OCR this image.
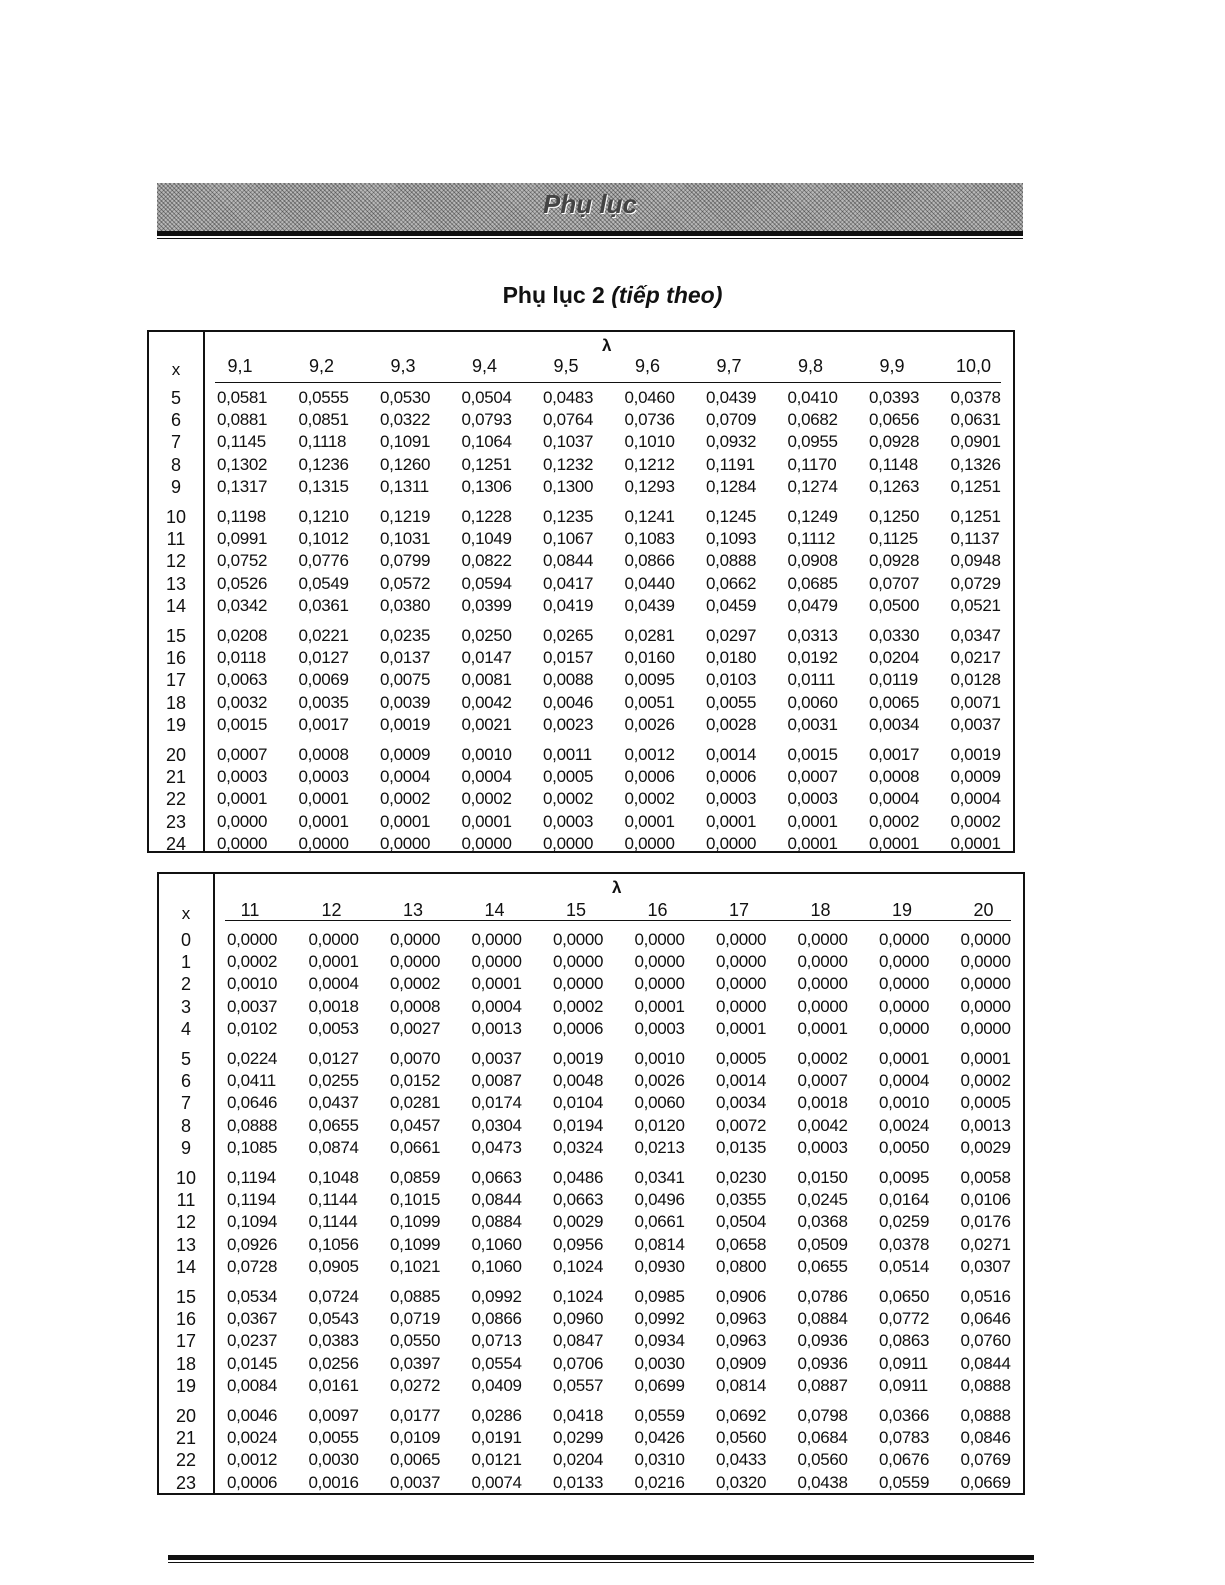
Phụ lục
Phụ lục 2 (tiếp theo)
λ
x	9,1	9,2	9,3	9,4	9,5	9,6	9,7	9,8	9,9	10,0
5	0,0581 0,0555 0,0530 0,0504 0,0483 0,0460 0,0439 0,0410 0,0393 0,0378
6	0,0881 0,0851 0,0322 0,0793 0,0764 0,0736 0,0709 0,0682 0,0656 0,0631
7	0,1145 0,1118 0,1091 0,1064 0,1037 0,1010 0,0932 0,0955 0,0928 0,0901
8	0,1302 0,1236 0,1260 0,1251 0,1232 0,1212 0,1191 0,1170 0,1148 0,1326
9	0,1317 0,1315 0,1311 0,1306 0,1300 0,1293 0,1284 0,1274 0,1263 0,1251
10	0,1198 0,1210 0,1219 0,1228 0,1235 0,1241 0,1245 0,1249 0,1250 0,1251
11	0,0991 0,1012 0,1031 0,1049 0,1067 0,1083 0,1093 0,1112 0,1125 0,1137
12	0,0752 0,0776 0,0799 0,0822 0,0844 0,0866 0,0888 0,0908 0,0928 0,0948
13	0,0526 0,0549 0,0572 0,0594 0,0417 0,0440 0,0662 0,0685 0,0707 0,0729
14	0,0342 0,0361 0,0380 0,0399 0,0419 0,0439 0,0459 0,0479 0,0500 0,0521
15	0,0208 0,0221 0,0235 0,0250 0,0265 0,0281 0,0297 0,0313 0,0330 0,0347
16	0,0118 0,0127 0,0137 0,0147 0,0157 0,0160 0,0180 0,0192 0,0204 0,0217
17	0,0063 0,0069 0,0075 0,0081 0,0088 0,0095 0,0103 0,0111 0,0119 0,0128
18	0,0032 0,0035 0,0039 0,0042 0,0046 0,0051 0,0055 0,0060 0,0065 0,0071
19	0,0015 0,0017 0,0019 0,0021 0,0023 0,0026 0,0028 0,0031 0,0034 0,0037
20	0,0007 0,0008 0,0009 0,0010 0,0011 0,0012 0,0014 0,0015 0,0017 0,0019
21	0,0003 0,0003 0,0004 0,0004 0,0005 0,0006 0,0006 0,0007 0,0008 0,0009
22	0,0001 0,0001 0,0002 0,0002 0,0002 0,0002 0,0003 0,0003 0,0004 0,0004
23	0,0000 0,0001 0,0001 0,0001 0,0003 0,0001 0,0001 0,0001 0,0002 0,0002
24	0,0000 0,0000 0,0000 0,0000 0,0000 0,0000 0,0000 0,0001 0,0001 0,0001
λ
x	11	12	13	14	15	16	17	18	19	20
0	0,0000 0,0000 0,0000 0,0000 0,0000 0,0000 0,0000 0,0000 0,0000 0,0000
1	0,0002 0,0001 0,0000 0,0000 0,0000 0,0000 0,0000 0,0000 0,0000 0,0000
2	0,0010 0,0004 0,0002 0,0001 0,0000 0,0000 0,0000 0,0000 0,0000 0,0000
3	0,0037 0,0018 0,0008 0,0004 0,0002 0,0001 0,0000 0,0000 0,0000 0,0000
4	0,0102 0,0053 0,0027 0,0013 0,0006 0,0003 0,0001 0,0001 0,0000 0,0000
5	0,0224 0,0127 0,0070 0,0037 0,0019 0,0010 0,0005 0,0002 0,0001 0,0001
6	0,0411 0,0255 0,0152 0,0087 0,0048 0,0026 0,0014 0,0007 0,0004 0,0002
7	0,0646 0,0437 0,0281 0,0174 0,0104 0,0060 0,0034 0,0018 0,0010 0,0005
8	0,0888 0,0655 0,0457 0,0304 0,0194 0,0120 0,0072 0,0042 0,0024 0,0013
9	0,1085 0,0874 0,0661 0,0473 0,0324 0,0213 0,0135 0,0003 0,0050 0,0029
10	0,1194 0,1048 0,0859 0,0663 0,0486 0,0341 0,0230 0,0150 0,0095 0,0058
11	0,1194 0,1144 0,1015 0,0844 0,0663 0,0496 0,0355 0,0245 0,0164 0,0106
12	0,1094 0,1144 0,1099 0,0884 0,0029 0,0661 0,0504 0,0368 0,0259 0,0176
13	0,0926 0,1056 0,1099 0,1060 0,0956 0,0814 0,0658 0,0509 0,0378 0,0271
14	0,0728 0,0905 0,1021 0,1060 0,1024 0,0930 0,0800 0,0655 0,0514 0,0307
15	0,0534 0,0724 0,0885 0,0992 0,1024 0,0985 0,0906 0,0786 0,0650 0,0516
16	0,0367 0,0543 0,0719 0,0866 0,0960 0,0992 0,0963 0,0884 0,0772 0,0646
17	0,0237 0,0383 0,0550 0,0713 0,0847 0,0934 0,0963 0,0936 0,0863 0,0760
18	0,0145 0,0256 0,0397 0,0554 0,0706 0,0030 0,0909 0,0936 0,0911 0,0844
19	0,0084 0,0161 0,0272 0,0409 0,0557 0,0699 0,0814 0,0887 0,0911 0,0888
20	0,0046 0,0097 0,0177 0,0286 0,0418 0,0559 0,0692 0,0798 0,0366 0,0888
21	0,0024 0,0055 0,0109 0,0191 0,0299 0,0426 0,0560 0,0684 0,0783 0,0846
22	0,0012 0,0030 0,0065 0,0121 0,0204 0,0310 0,0433 0,0560 0,0676 0,0769
23	0,0006 0,0016 0,0037 0,0074 0,0133 0,0216 0,0320 0,0438 0,0559 0,0669
